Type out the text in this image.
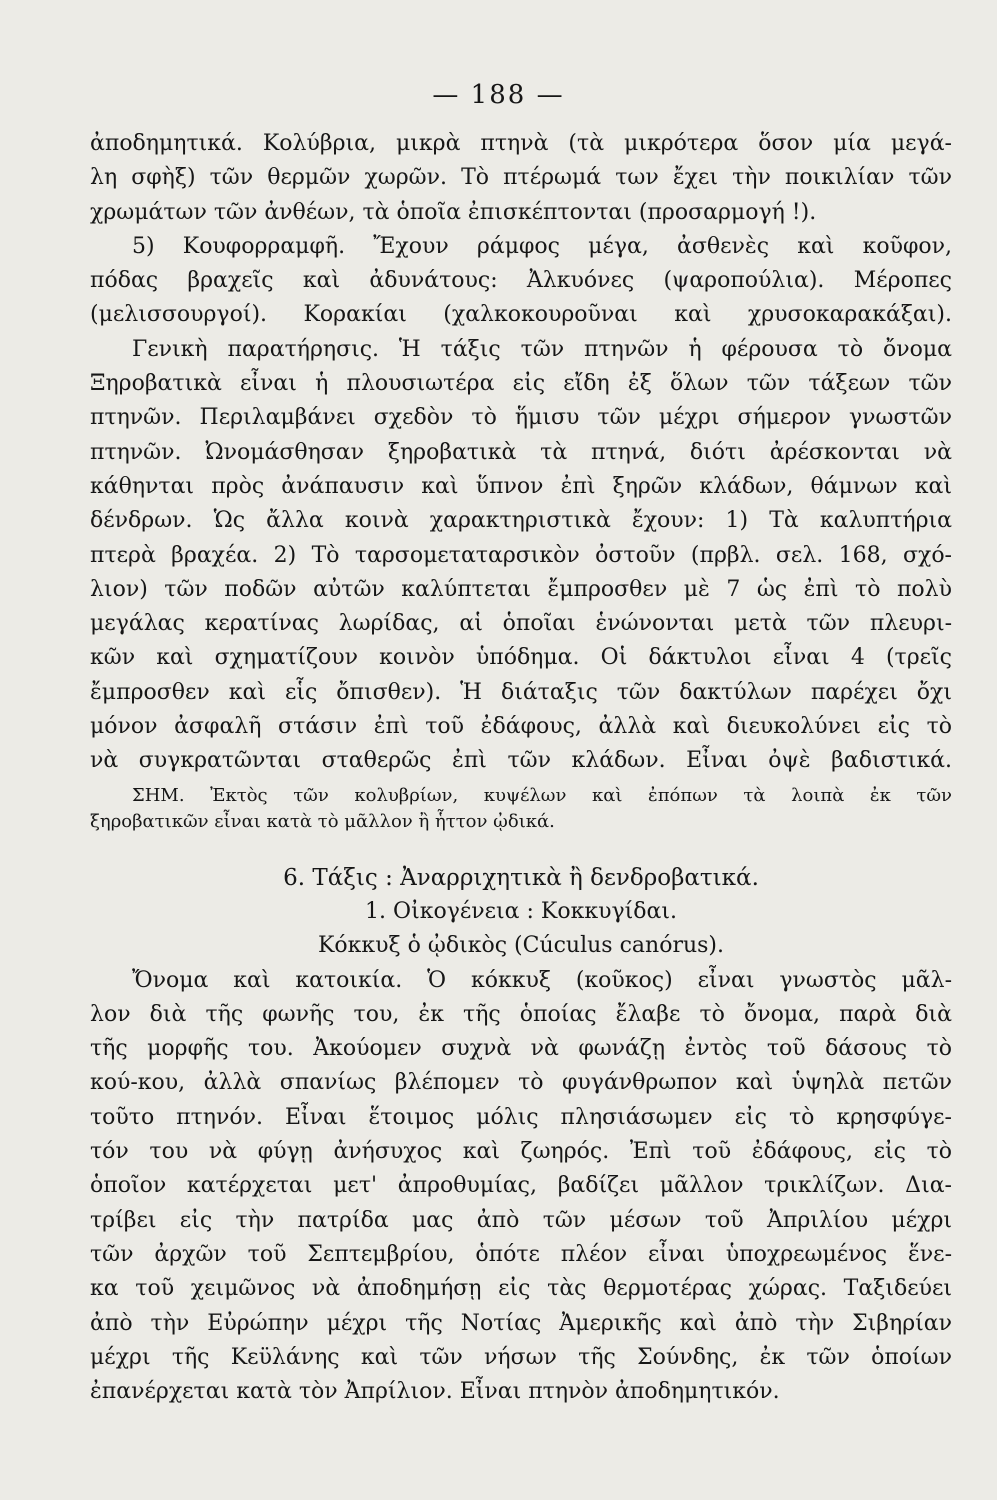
— 188 —
ἀποδημητικά. Κολύβρια, μικρὰ πτηνὰ (τὰ μικρότερα ὅσον μία μεγά-
λη σφὴξ) τῶν θερμῶν χωρῶν. Τὸ πτέρωμά των ἔχει τὴν ποικιλίαν τῶν
χρωμάτων τῶν ἀνθέων, τὰ ὁποῖα ἐπισκέπτονται (προσαρμογή !).
5) Κουφορραμφῆ. Ἔχουν ράμφος μέγα, ἀσθενὲς καὶ κοῦφον,
πόδας βραχεῖς καὶ ἀδυνάτους: Ἀλκυόνες (ψαροπούλια). Μέροπες
(μελισσουργοί). Κορακίαι (χαλκοκουροῦναι καὶ χρυσοκαρακάξαι).
Γενικὴ παρατήρησις. Ἡ τάξις τῶν πτηνῶν ἡ φέρουσα τὸ ὄνομα
Ξηροβατικὰ εἶναι ἡ πλουσιωτέρα εἰς εἴδη ἐξ ὅλων τῶν τάξεων τῶν
πτηνῶν. Περιλαμβάνει σχεδὸν τὸ ἥμισυ τῶν μέχρι σήμερον γνωστῶν
πτηνῶν. Ὠνομάσθησαν ξηροβατικὰ τὰ πτηνά, διότι ἀρέσκονται νὰ
κάθηνται πρὸς ἀνάπαυσιν καὶ ὕπνον ἐπὶ ξηρῶν κλάδων, θάμνων καὶ
δένδρων. Ὡς ἄλλα κοινὰ χαρακτηριστικὰ ἔχουν: 1) Τὰ καλυπτήρια
πτερὰ βραχέα. 2) Τὸ ταρσομεταταρσικὸν ὀστοῦν (πρβλ. σελ. 168, σχό-
λιον) τῶν ποδῶν αὐτῶν καλύπτεται ἔμπροσθεν μὲ 7 ὡς ἐπὶ τὸ πολὺ
μεγάλας κερατίνας λωρίδας, αἱ ὁποῖαι ἑνώνονται μετὰ τῶν πλευρι-
κῶν καὶ σχηματίζουν κοινὸν ὑπόδημα. Οἱ δάκτυλοι εἶναι 4 (τρεῖς
ἔμπροσθεν καὶ εἷς ὄπισθεν). Ἡ διάταξις τῶν δακτύλων παρέχει ὄχι
μόνον ἀσφαλῆ στάσιν ἐπὶ τοῦ ἐδάφους, ἀλλὰ καὶ διευκολύνει εἰς τὸ
νὰ συγκρατῶνται σταθερῶς ἐπὶ τῶν κλάδων. Εἶναι ὀψὲ βαδιστικά.
ΣΗΜ. Ἐκτὸς τῶν κολυβρίων, κυψέλων καὶ ἐπόπων τὰ λοιπὰ ἐκ τῶν
ξηροβατικῶν εἶναι κατὰ τὸ μᾶλλον ἢ ἧττον ᾠδικά.
6. Τάξις : Ἀναρριχητικὰ ἢ δενδροβατικά.
1. Οἰκογένεια : Κοκκυγίδαι.
Κόκκυξ ὁ ᾠδικὸς (Cúculus canórus).
Ὄνομα καὶ κατοικία. Ὁ κόκκυξ (κοῦκος) εἶναι γνωστὸς μᾶλ-
λον διὰ τῆς φωνῆς του, ἐκ τῆς ὁποίας ἔλαβε τὸ ὄνομα, παρὰ διὰ
τῆς μορφῆς του. Ἀκούομεν συχνὰ νὰ φωνάζῃ ἐντὸς τοῦ δάσους τὸ
κού-κου, ἀλλὰ σπανίως βλέπομεν τὸ φυγάνθρωπον καὶ ὑψηλὰ πετῶν
τοῦτο πτηνόν. Εἶναι ἕτοιμος μόλις πλησιάσωμεν εἰς τὸ κρησφύγε-
τόν του νὰ φύγῃ ἀνήσυχος καὶ ζωηρός. Ἐπὶ τοῦ ἐδάφους, εἰς τὸ
ὁποῖον κατέρχεται μετ' ἀπροθυμίας, βαδίζει μᾶλλον τρικλίζων. Δια-
τρίβει εἰς τὴν πατρίδα μας ἀπὸ τῶν μέσων τοῦ Ἀπριλίου μέχρι
τῶν ἀρχῶν τοῦ Σεπτεμβρίου, ὁπότε πλέον εἶναι ὑποχρεωμένος ἕνε-
κα τοῦ χειμῶνος νὰ ἀποδημήσῃ εἰς τὰς θερμοτέρας χώρας. Ταξιδεύει
ἀπὸ τὴν Εὐρώπην μέχρι τῆς Νοτίας Ἀμερικῆς καὶ ἀπὸ τὴν Σιβηρίαν
μέχρι τῆς Κεϋλάνης καὶ τῶν νήσων τῆς Σούνδης, ἐκ τῶν ὁποίων
ἐπανέρχεται κατὰ τὸν Ἀπρίλιον. Εἶναι πτηνὸν ἀποδημητικόν.
